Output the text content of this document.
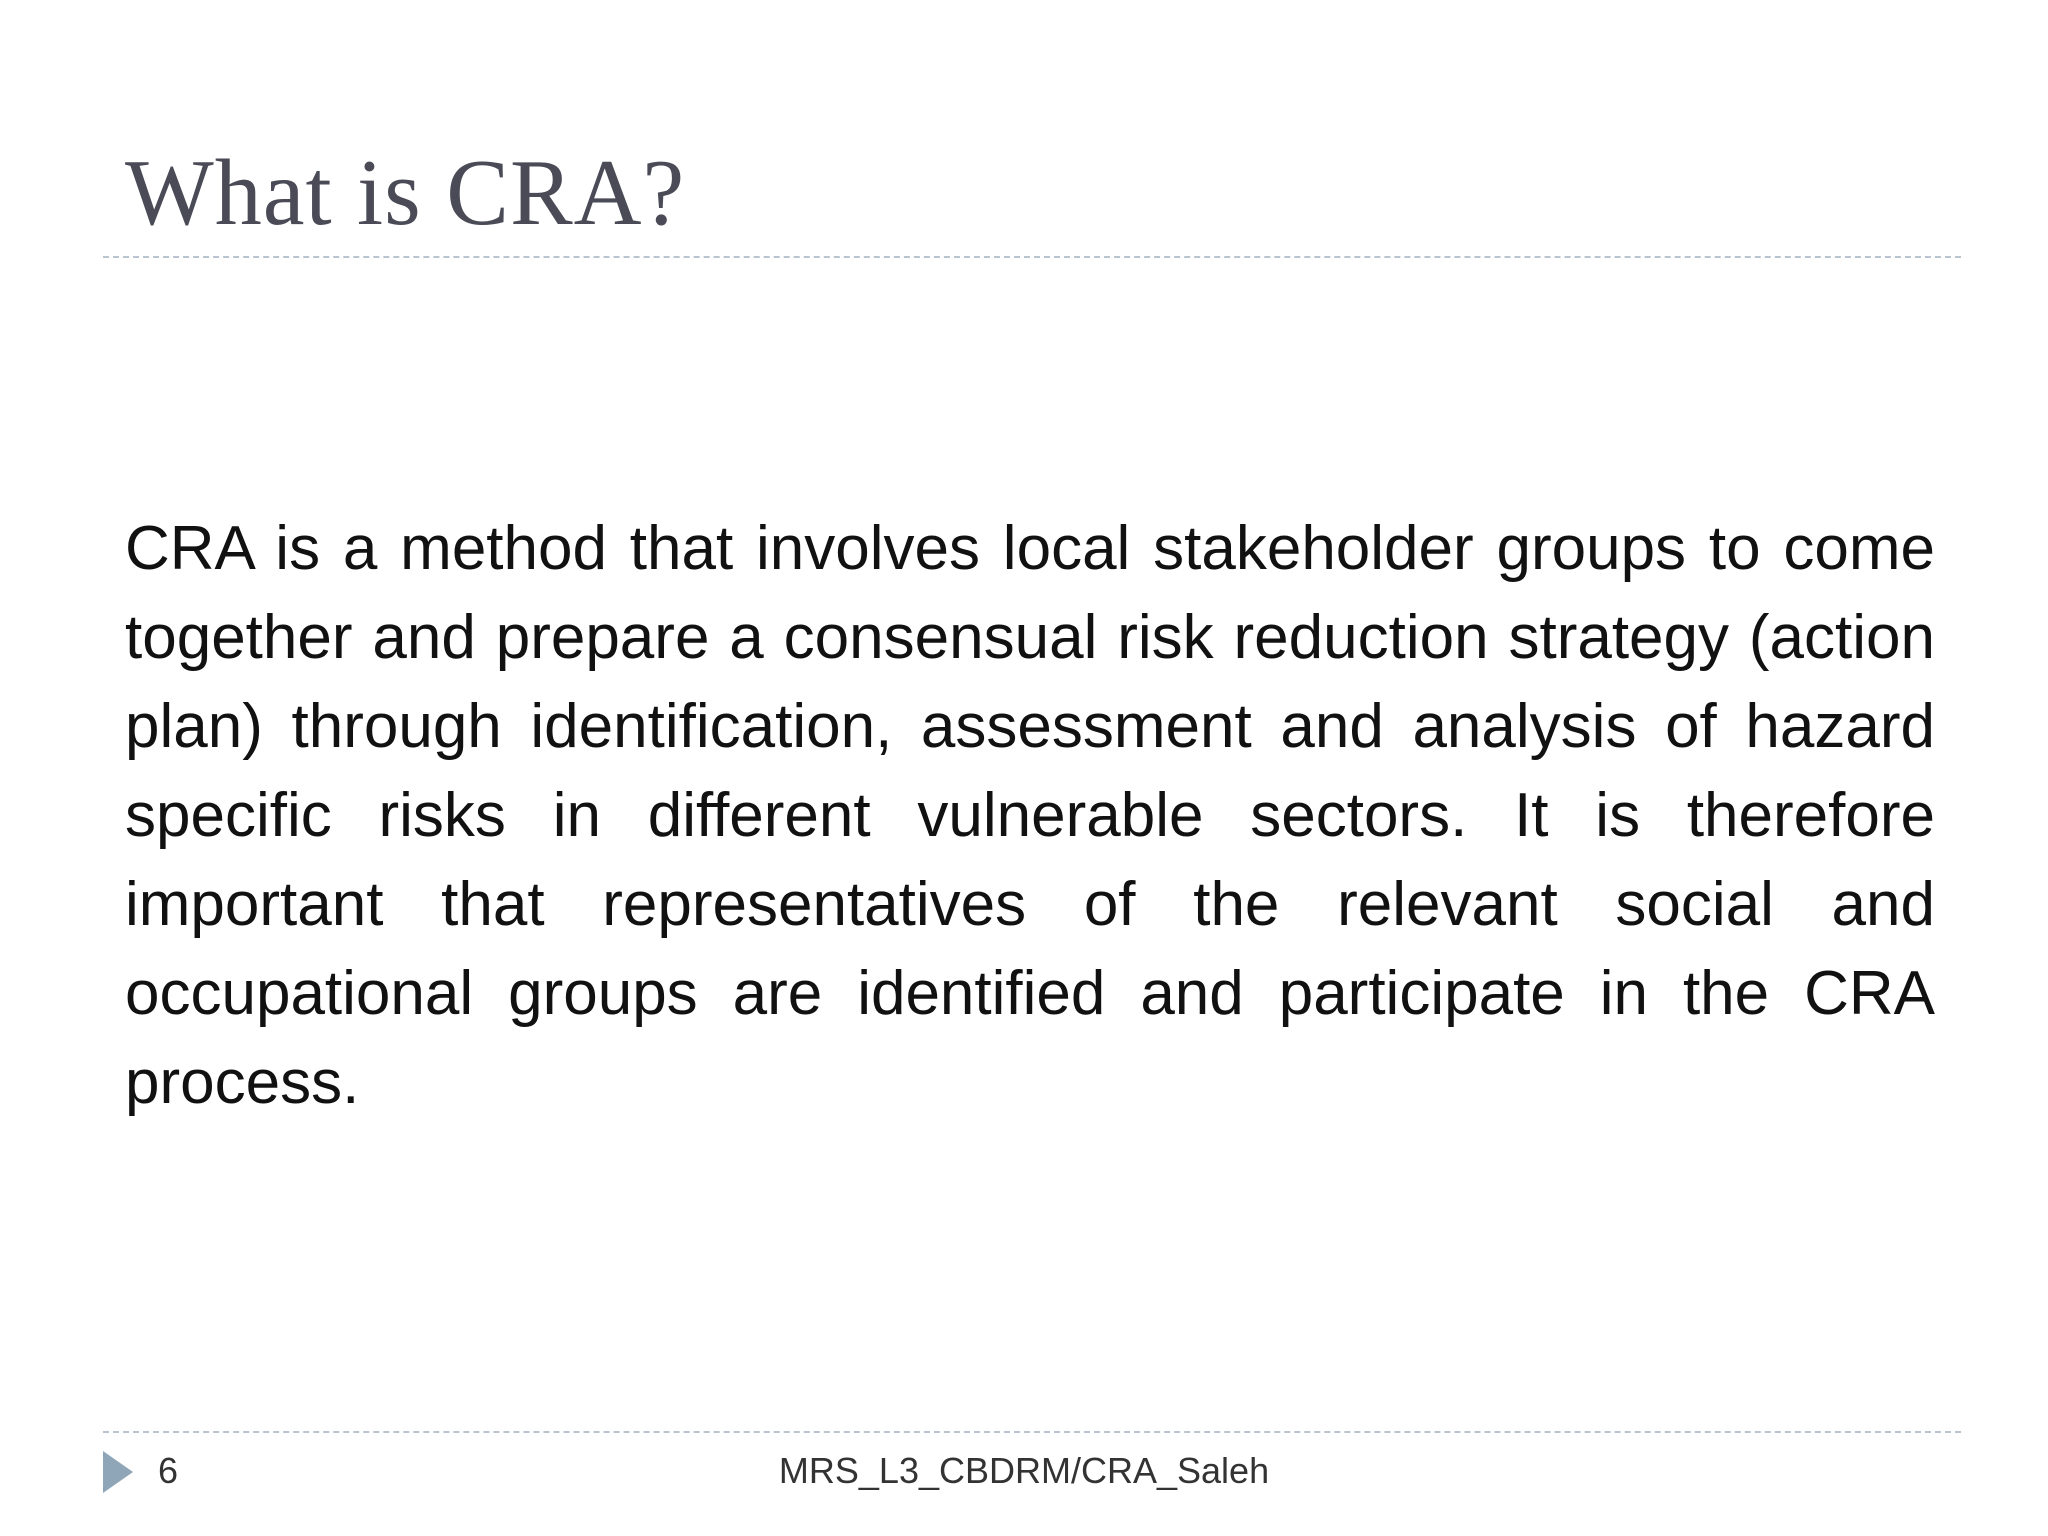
What is CRA?
CRA is a method that involves local stakeholder groups to come together and prepare a consensual risk reduction strategy (action plan) through identification, assessment and analysis of hazard specific risks in different vulnerable sectors. It is therefore important that representatives of the relevant social and occupational groups are identified and participate in the CRA process.
6	MRS_L3_CBDRM/CRA_Saleh
